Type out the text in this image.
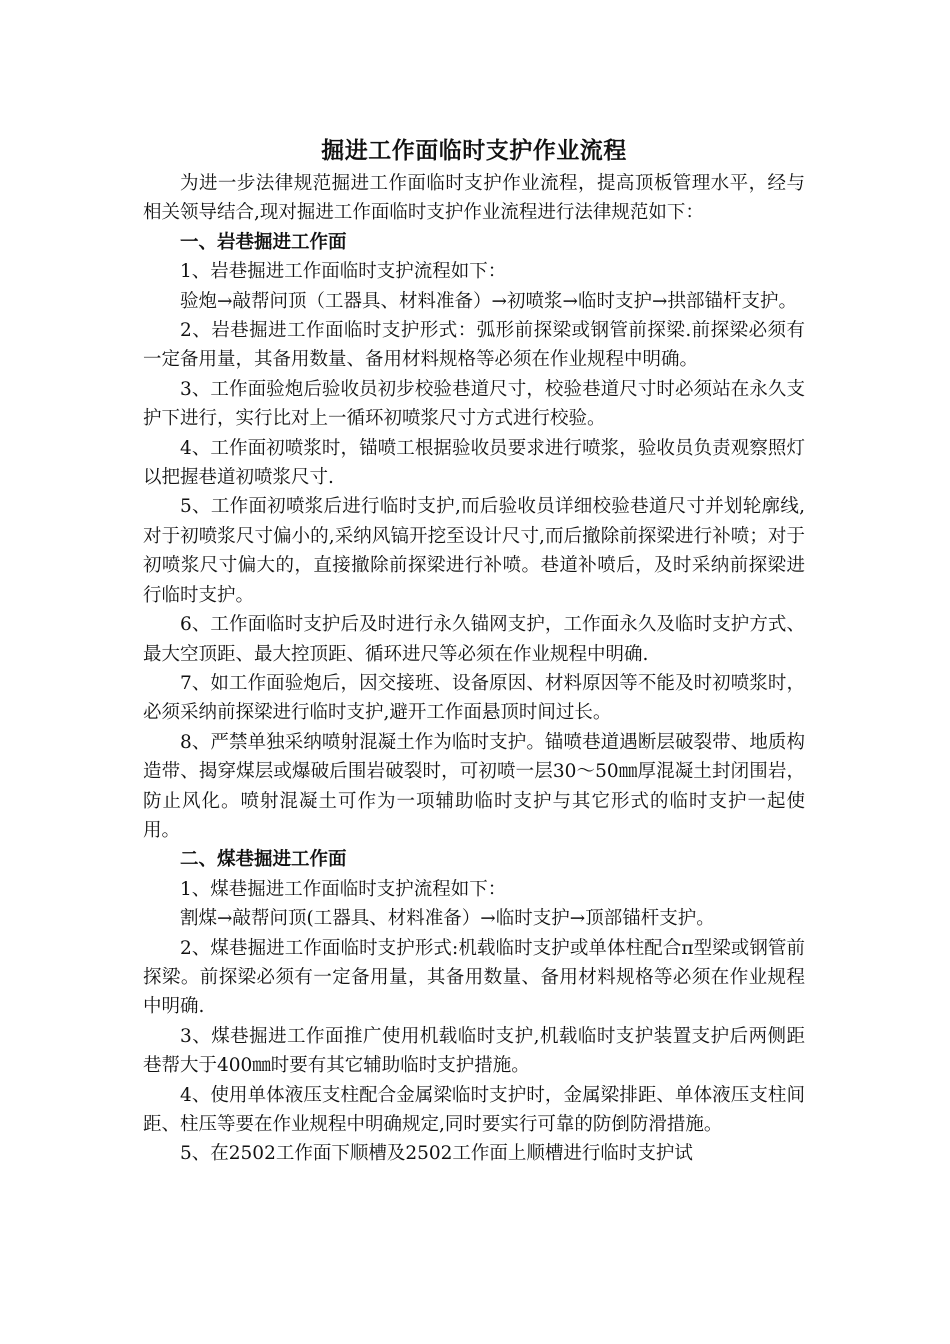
掘进工作面临时支护作业流程

为进一步法律规范掘进工作面临时支护作业流程，提高顶板管理水平，经与相关领导结合,现对掘进工作面临时支护作业流程进行法律规范如下：

一、岩巷掘进工作面

1、岩巷掘进工作面临时支护流程如下：

验炮→敲帮问顶（工器具、材料准备）→初喷浆→临时支护→拱部锚杆支护。

2、岩巷掘进工作面临时支护形式：弧形前探梁或钢管前探梁.前探梁必须有一定备用量，其备用数量、备用材料规格等必须在作业规程中明确。

3、工作面验炮后验收员初步校验巷道尺寸，校验巷道尺寸时必须站在永久支护下进行，实行比对上一循环初喷浆尺寸方式进行校验。

4、工作面初喷浆时，锚喷工根据验收员要求进行喷浆，验收员负责观察照灯以把握巷道初喷浆尺寸.

5、工作面初喷浆后进行临时支护,而后验收员详细校验巷道尺寸并划轮廓线,对于初喷浆尺寸偏小的,采纳风镐开挖至设计尺寸,而后撤除前探梁进行补喷；对于初喷浆尺寸偏大的，直接撤除前探梁进行补喷。巷道补喷后，及时采纳前探梁进行临时支护。

6、工作面临时支护后及时进行永久锚网支护，工作面永久及临时支护方式、最大空顶距、最大控顶距、循环进尺等必须在作业规程中明确.

7、如工作面验炮后，因交接班、设备原因、材料原因等不能及时初喷浆时，必须采纳前探梁进行临时支护,避开工作面悬顶时间过长。

8、严禁单独采纳喷射混凝土作为临时支护。锚喷巷道遇断层破裂带、地质构造带、揭穿煤层或爆破后围岩破裂时，可初喷一层30～50㎜厚混凝土封闭围岩，防止风化。喷射混凝土可作为一项辅助临时支护与其它形式的临时支护一起使用。

二、煤巷掘进工作面

1、煤巷掘进工作面临时支护流程如下：

割煤→敲帮问顶(工器具、材料准备）→临时支护→顶部锚杆支护。

2、煤巷掘进工作面临时支护形式:机载临时支护或单体柱配合π型梁或钢管前探梁。前探梁必须有一定备用量，其备用数量、备用材料规格等必须在作业规程中明确.

3、煤巷掘进工作面推广使用机载临时支护,机载临时支护装置支护后两侧距巷帮大于400㎜时要有其它辅助临时支护措施。

4、使用单体液压支柱配合金属梁临时支护时，金属梁排距、单体液压支柱间距、柱压等要在作业规程中明确规定,同时要实行可靠的防倒防滑措施。

5、在2502工作面下顺槽及2502工作面上顺槽进行临时支护试
